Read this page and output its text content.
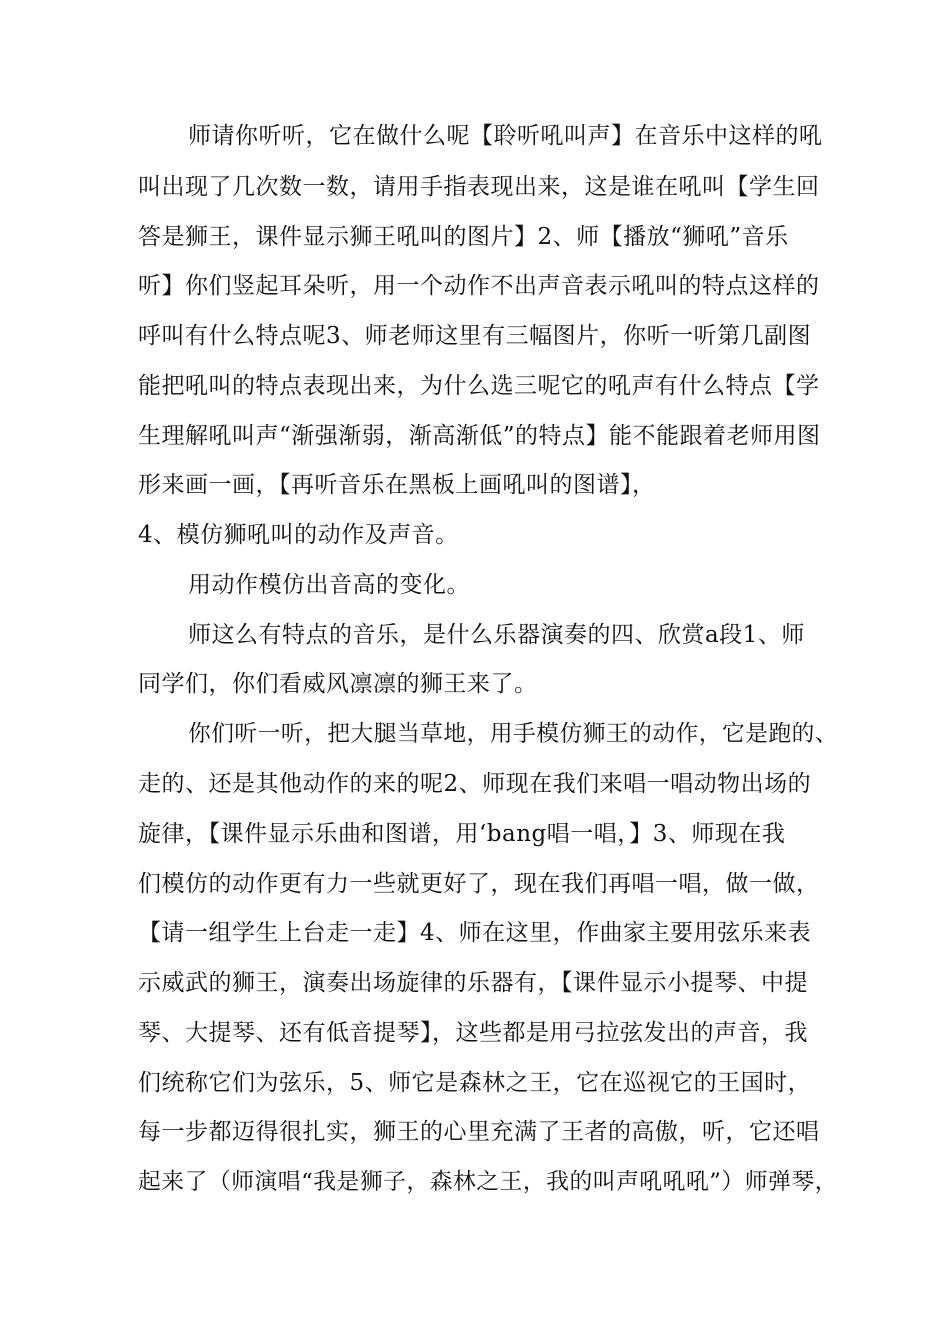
师请你听听，它在做什么呢【聆听吼叫声】在音乐中这样的吼
叫出现了几次数一数，请用手指表现出来，这是谁在吼叫【学生回
答是狮王，课件显示狮王吼叫的图片】2、师【播放“狮吼”音乐
听】你们竖起耳朵听，用一个动作不出声音表示吼叫的特点这样的
呼叫有什么特点呢3、师老师这里有三幅图片，你听一听第几副图
能把吼叫的特点表现出来，为什么选三呢它的吼声有什么特点【学
生理解吼叫声“渐强渐弱，渐高渐低”的特点】能不能跟着老师用图
形来画一画，【再听音乐在黑板上画吼叫的图谱】，
4、模仿狮吼叫的动作及声音。
用动作模仿出音高的变化。
师这么有特点的音乐，是什么乐器演奏的四、欣赏a段1、师
同学们，你们看威风凛凛的狮王来了。
你们听一听，把大腿当草地，用手模仿狮王的动作，它是跑的、
走的、还是其他动作的来的呢2、师现在我们来唱一唱动物出场的
旋律，【课件显示乐曲和图谱，用‘bang唱一唱，】3、师现在我
们模仿的动作更有力一些就更好了，现在我们再唱一唱，做一做，
【请一组学生上台走一走】4、师在这里，作曲家主要用弦乐来表
示威武的狮王，演奏出场旋律的乐器有，【课件显示小提琴、中提
琴、大提琴、还有低音提琴】，这些都是用弓拉弦发出的声音，我
们统称它们为弦乐，5、师它是森林之王，它在巡视它的王国时，
每一步都迈得很扎实，狮王的心里充满了王者的高傲，听，它还唱
起来了（师演唱“我是狮子，森林之王，我的叫声吼吼吼”）师弹琴，
